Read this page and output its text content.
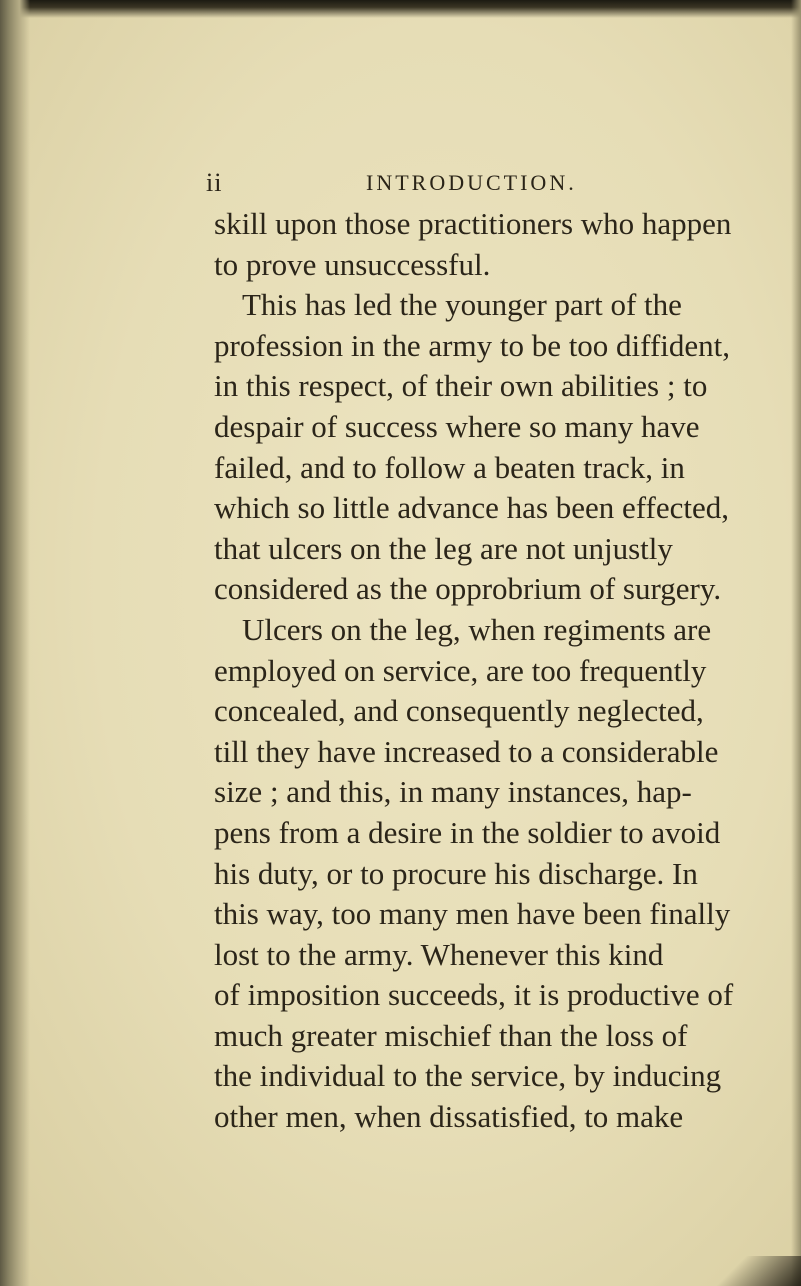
ii	INTRODUCTION.
skill upon those practitioners who happen
to prove unsuccessful.
This has led the younger part of the
profession in the army to be too diffident,
in this respect, of their own abilities ; to
despair of success where so many have
failed, and to follow a beaten track, in
which so little advance has been effected,
that ulcers on the leg are not unjustly
considered as the opprobrium of surgery.
Ulcers on the leg, when regiments are
employed on service, are too frequently
concealed, and consequently neglected,
till they have increased to a considerable
size ; and this, in many instances, hap-
pens from a desire in the soldier to avoid
his duty, or to procure his discharge. In
this way, too many men have been finally
lost to the army. Whenever this kind
of imposition succeeds, it is productive of
much greater mischief than the loss of
the individual to the service, by inducing
other men, when dissatisfied, to make
